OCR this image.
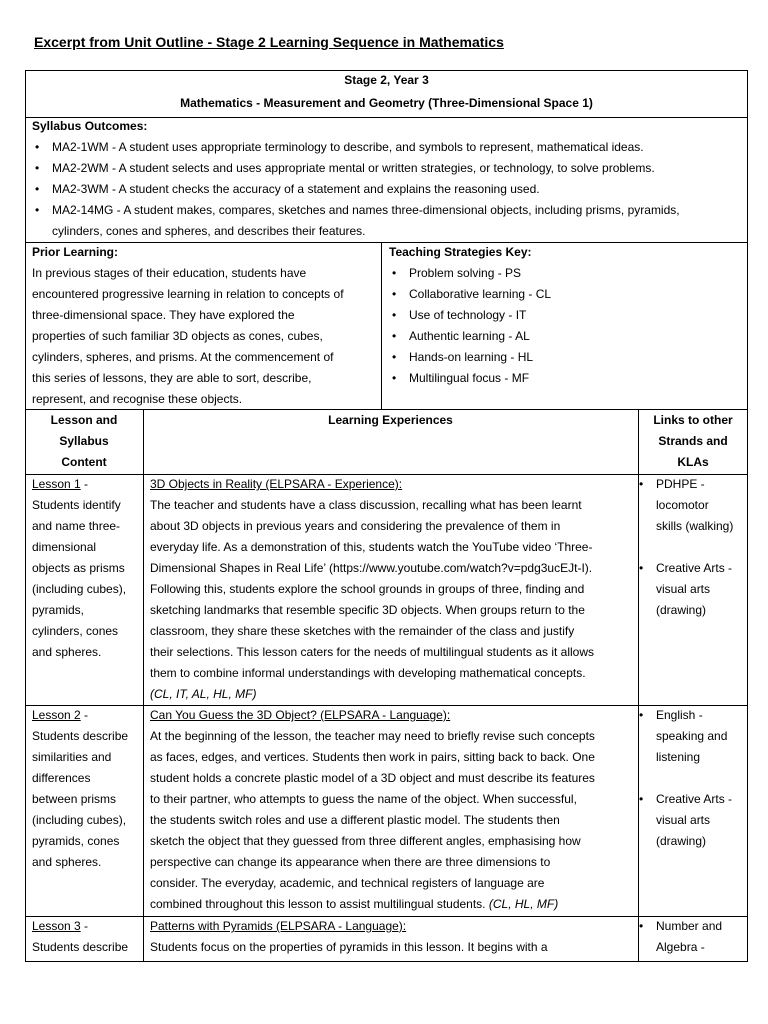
Excerpt from Unit Outline - Stage 2 Learning Sequence in Mathematics
Stage 2, Year 3
Mathematics - Measurement and Geometry (Three-Dimensional Space 1)
Syllabus Outcomes:
• MA2-1WM - A student uses appropriate terminology to describe, and symbols to represent, mathematical ideas.
• MA2-2WM - A student selects and uses appropriate mental or written strategies, or technology, to solve problems.
• MA2-3WM - A student checks the accuracy of a statement and explains the reasoning used.
• MA2-14MG - A student makes, compares, sketches and names three-dimensional objects, including prisms, pyramids,
cylinders, cones and spheres, and describes their features.
Prior Learning:
In previous stages of their education, students have
encountered progressive learning in relation to concepts of
three-dimensional space. They have explored the
properties of such familiar 3D objects as cones, cubes,
cylinders, spheres, and prisms. At the commencement of
this series of lessons, they are able to sort, describe,
represent, and recognise these objects.
Teaching Strategies Key:
• Problem solving - PS
• Collaborative learning - CL
• Use of technology - IT
• Authentic learning - AL
• Hands-on learning - HL
• Multilingual focus - MF
Lesson and
Syllabus
Content
Learning Experiences	Links to other
Strands and
KLAs
Lesson 1 -
Students identify
and name three-
dimensional
objects as prisms
(including cubes),
pyramids,
cylinders, cones
and spheres.
3D Objects in Reality (ELPSARA - Experience):
The teacher and students have a class discussion, recalling what has been learnt
about 3D objects in previous years and considering the prevalence of them in
everyday life. As a demonstration of this, students watch the YouTube video ‘Three-
Dimensional Shapes in Real Life’ (https://www.youtube.com/watch?v=pdg3ucEJt-I).
Following this, students explore the school grounds in groups of three, finding and
sketching landmarks that resemble specific 3D objects. When groups return to the
classroom, they share these sketches with the remainder of the class and justify
their selections. This lesson caters for the needs of multilingual students as it allows
them to combine informal understandings with developing mathematical concepts.
(CL, IT, AL, HL, MF)
• PDHPE -
locomotor
skills (walking)
• Creative Arts -
visual arts
(drawing)
Lesson 2 -
Students describe
similarities and
differences
between prisms
(including cubes),
pyramids, cones
and spheres.
Can You Guess the 3D Object? (ELPSARA - Language):
At the beginning of the lesson, the teacher may need to briefly revise such concepts
as faces, edges, and vertices. Students then work in pairs, sitting back to back. One
student holds a concrete plastic model of a 3D object and must describe its features
to their partner, who attempts to guess the name of the object. When successful,
the students switch roles and use a different plastic model. The students then
sketch the object that they guessed from three different angles, emphasising how
perspective can change its appearance when there are three dimensions to
consider. The everyday, academic, and technical registers of language are
combined throughout this lesson to assist multilingual students. (CL, HL, MF)
• English -
speaking and
listening
• Creative Arts -
visual arts
(drawing)
Lesson 3 -
Students describe
Patterns with Pyramids (ELPSARA - Language):
Students focus on the properties of pyramids in this lesson. It begins with a
• Number and
Algebra -
